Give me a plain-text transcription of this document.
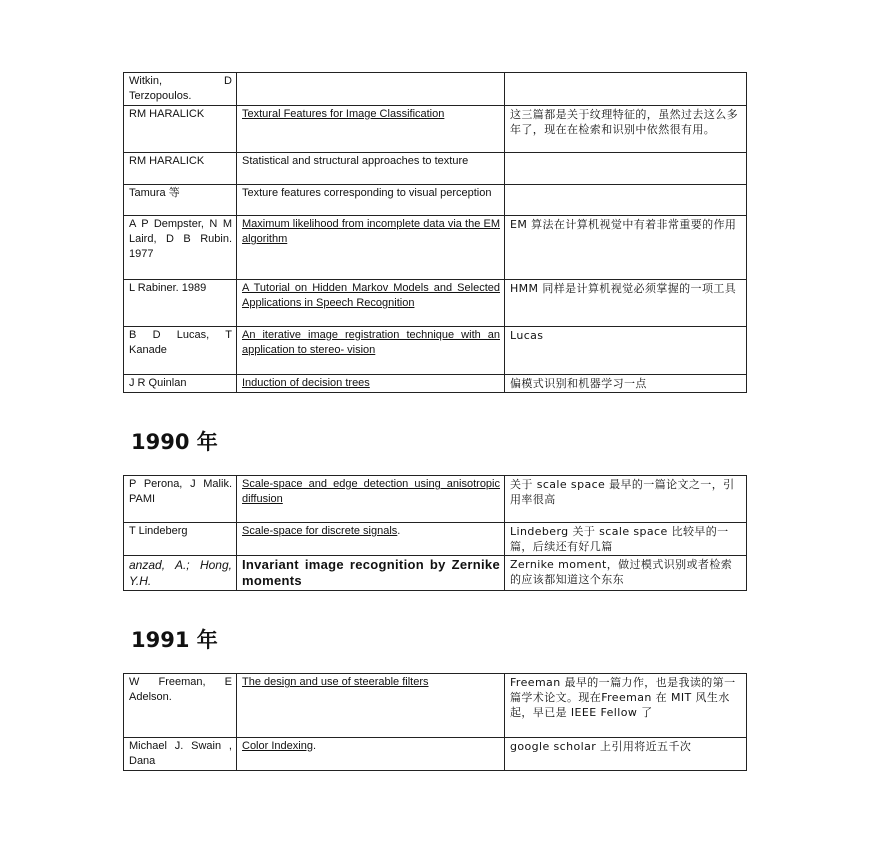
Witkin, D Terzopoulos.		
RM HARALICK	Textural Features for Image Classification	这三篇都是关于纹理特征的，虽然过去这么多年了，现在在检索和识别中依然很有用。
RM HARALICK	Statistical and structural approaches to texture	
Tamura 等	Texture features corresponding to visual perception	
A P Dempster, N M Laird, D B Rubin. 1977	Maximum likelihood from incomplete data via the EM algorithm	EM 算法在计算机视觉中有着非常重要的作用
L Rabiner. 1989	A Tutorial on Hidden Markov Models and Selected Applications in Speech Recognition	HMM 同样是计算机视觉必须掌握的一项工具
B D Lucas, T Kanade	An iterative image registration technique with an application to stereo- vision	Lucas
J R Quinlan	Induction of decision trees	偏模式识别和机器学习一点
1990 年
P Perona, J Malik. PAMI	Scale-space and edge detection using anisotropic diffusion	关于 scale space 最早的一篇论文之一，引用率很高
T Lindeberg	Scale-space for discrete signals.	Lindeberg 关于 scale space 比较早的一篇，后续还有好几篇
anzad, A.; Hong, Y.H.	Invariant image recognition by Zernike moments	Zernike moment，做过模式识别或者检索的应该都知道这个东东
1991 年
W Freeman, E Adelson.	The design and use of steerable filters	Freeman 最早的一篇力作，也是我读的第一篇学术论文。现在Freeman 在 MIT 风生水起，早已是 IEEE Fellow 了
Michael J. Swain , Dana	Color Indexing.	google scholar 上引用将近五千次
